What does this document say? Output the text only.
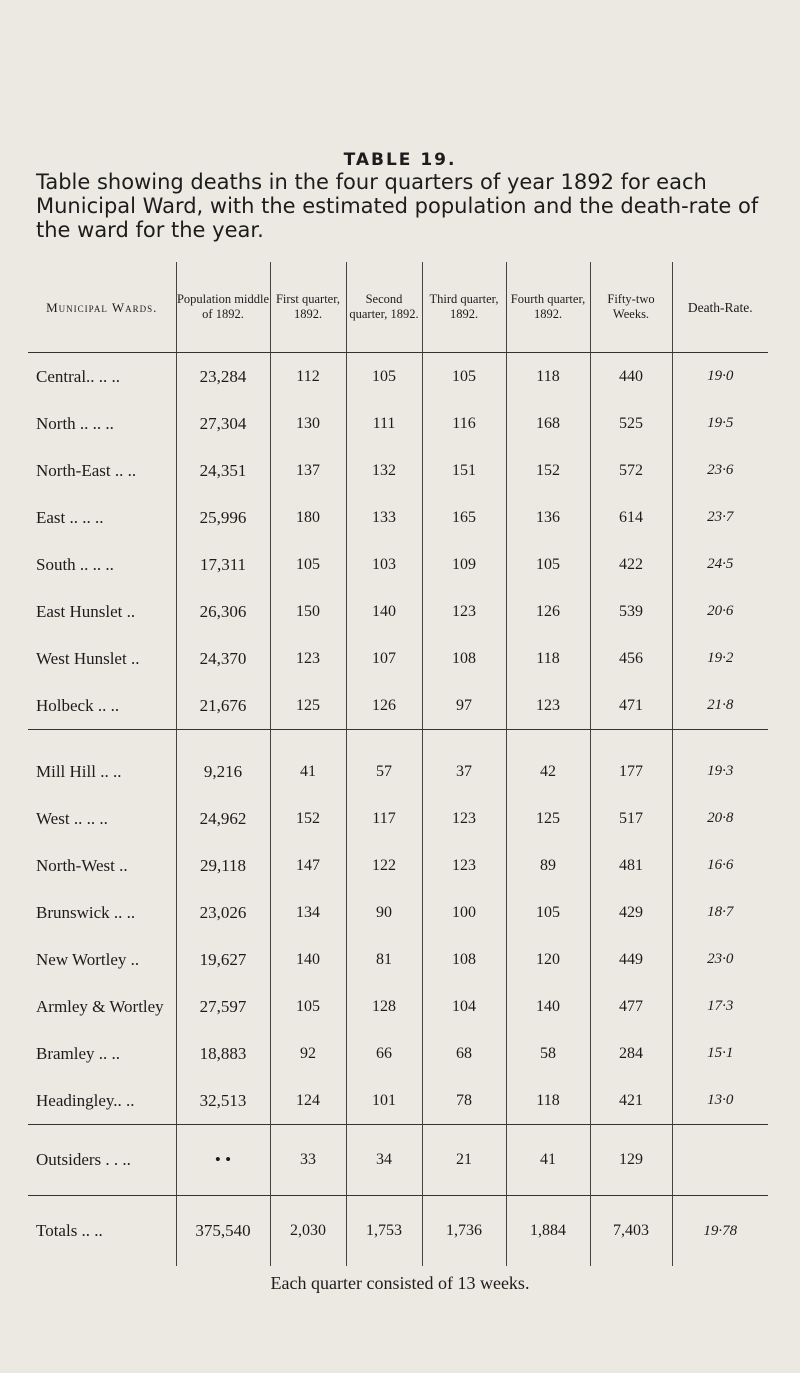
TABLE 19.
Table showing deaths in the four quarters of year 1892 for each Municipal Ward, with the estimated population and the death-rate of the ward for the year.
Municipal Wards.	Population middle of 1892.	First quarter, 1892.	Second quarter, 1892.	Third quarter, 1892.	Fourth quarter, 1892.	Fifty-two Weeks.	Death-Rate.
Central.. .. ..	23,284	112	105	105	118	440	19·0
North .. .. ..	27,304	130	111	116	168	525	19·5
North-East .. ..	24,351	137	132	151	152	572	23·6
East .. .. ..	25,996	180	133	165	136	614	23·7
South .. .. ..	17,311	105	103	109	105	422	24·5
East Hunslet ..	26,306	150	140	123	126	539	20·6
West Hunslet ..	24,370	123	107	108	118	456	19·2
Holbeck .. ..	21,676	125	126	97	123	471	21·8
Mill Hill .. ..	9,216	41	57	37	42	177	19·3
West .. .. ..	24,962	152	117	123	125	517	20·8
North-West ..	29,118	147	122	123	89	481	16·6
Brunswick .. ..	23,026	134	90	100	105	429	18·7
New Wortley ..	19,627	140	81	108	120	449	23·0
Armley & Wortley	27,597	105	128	104	140	477	17·3
Bramley .. ..	18,883	92	66	68	58	284	15·1
Headingley.. ..	32,513	124	101	78	118	421	13·0
Outsiders . . ..	• •	33	34	21	41	129	
Totals .. ..	375,540	2,030	1,753	1,736	1,884	7,403	19·78
Each quarter consisted of 13 weeks.
